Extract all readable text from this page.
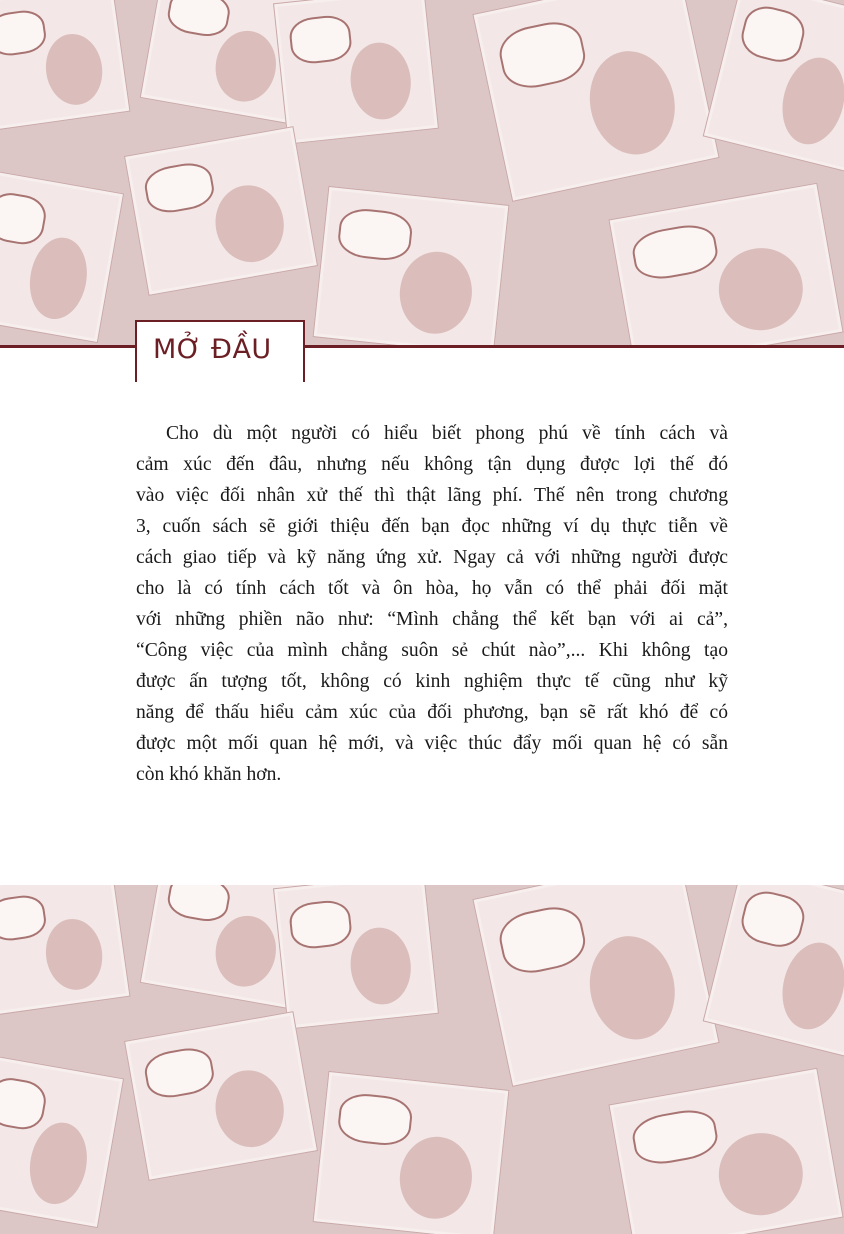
MỞ ĐẦU
Cho dù một người có hiểu biết phong phú về tính cách và
cảm xúc đến đâu, nhưng nếu không tận dụng được lợi thế đó
vào việc đối nhân xử thế thì thật lãng phí. Thế nên trong chương
3, cuốn sách sẽ giới thiệu đến bạn đọc những ví dụ thực tiễn về
cách giao tiếp và kỹ năng ứng xử. Ngay cả với những người được
cho là có tính cách tốt và ôn hòa, họ vẫn có thể phải đối mặt
với những phiền não như: “Mình chẳng thể kết bạn với ai cả”,
“Công việc của mình chẳng suôn sẻ chút nào”,... Khi không tạo
được ấn tượng tốt, không có kinh nghiệm thực tế cũng như kỹ
năng để thấu hiểu cảm xúc của đối phương, bạn sẽ rất khó để có
được một mối quan hệ mới, và việc thúc đẩy mối quan hệ có sẵn
còn khó khăn hơn.
